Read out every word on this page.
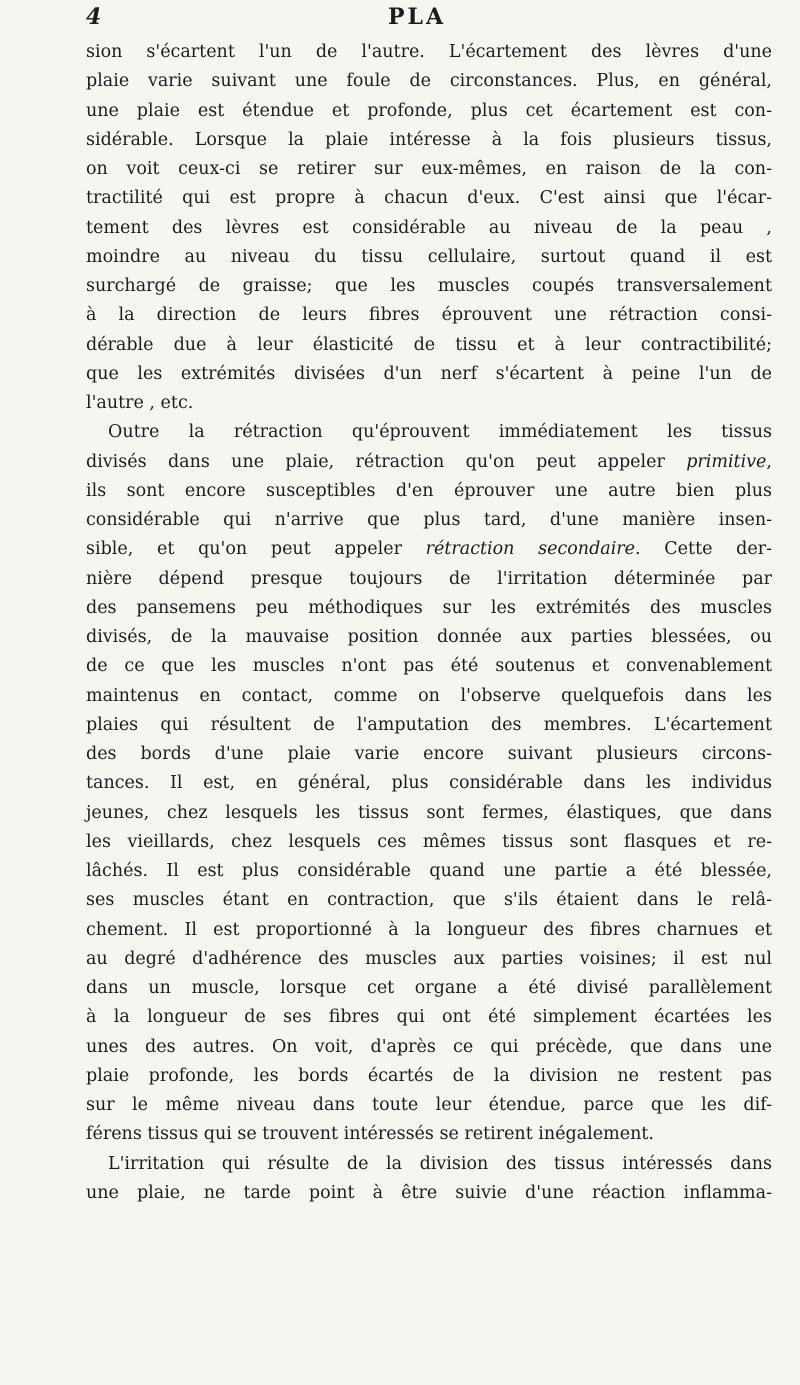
4	PLA
sion s'écartent l'un de l'autre. L'écartement des lèvres d'une
plaie varie suivant une foule de circonstances. Plus, en général,
une plaie est étendue et profonde, plus cet écartement est con-
sidérable. Lorsque la plaie intéresse à la fois plusieurs tissus,
on voit ceux-ci se retirer sur eux-mêmes, en raison de la con-
tractilité qui est propre à chacun d'eux. C'est ainsi que l'écar-
tement des lèvres est considérable au niveau de la peau ,
moindre au niveau du tissu cellulaire, surtout quand il est
surchargé de graisse; que les muscles coupés transversalement
à la direction de leurs fibres éprouvent une rétraction consi-
dérable due à leur élasticité de tissu et à leur contractibilité;
que les extrémités divisées d'un nerf s'écartent à peine l'un de
l'autre , etc.
Outre la rétraction qu'éprouvent immédiatement les tissus
divisés dans une plaie, rétraction qu'on peut appeler primitive,
ils sont encore susceptibles d'en éprouver une autre bien plus
considérable qui n'arrive que plus tard, d'une manière insen-
sible, et qu'on peut appeler rétraction secondaire. Cette der-
nière dépend presque toujours de l'irritation déterminée par
des pansemens peu méthodiques sur les extrémités des muscles
divisés, de la mauvaise position donnée aux parties blessées, ou
de ce que les muscles n'ont pas été soutenus et convenablement
maintenus en contact, comme on l'observe quelquefois dans les
plaies qui résultent de l'amputation des membres. L'écartement
des bords d'une plaie varie encore suivant plusieurs circons-
tances. Il est, en général, plus considérable dans les individus
jeunes, chez lesquels les tissus sont fermes, élastiques, que dans
les vieillards, chez lesquels ces mêmes tissus sont flasques et re-
lâchés. Il est plus considérable quand une partie a été blessée,
ses muscles étant en contraction, que s'ils étaient dans le relâ-
chement. Il est proportionné à la longueur des fibres charnues et
au degré d'adhérence des muscles aux parties voisines; il est nul
dans un muscle, lorsque cet organe a été divisé parallèlement
à la longueur de ses fibres qui ont été simplement écartées les
unes des autres. On voit, d'après ce qui précède, que dans une
plaie profonde, les bords écartés de la division ne restent pas
sur le même niveau dans toute leur étendue, parce que les dif-
férens tissus qui se trouvent intéressés se retirent inégalement.
L'irritation qui résulte de la division des tissus intéressés dans
une plaie, ne tarde point à être suivie d'une réaction inflamma-
